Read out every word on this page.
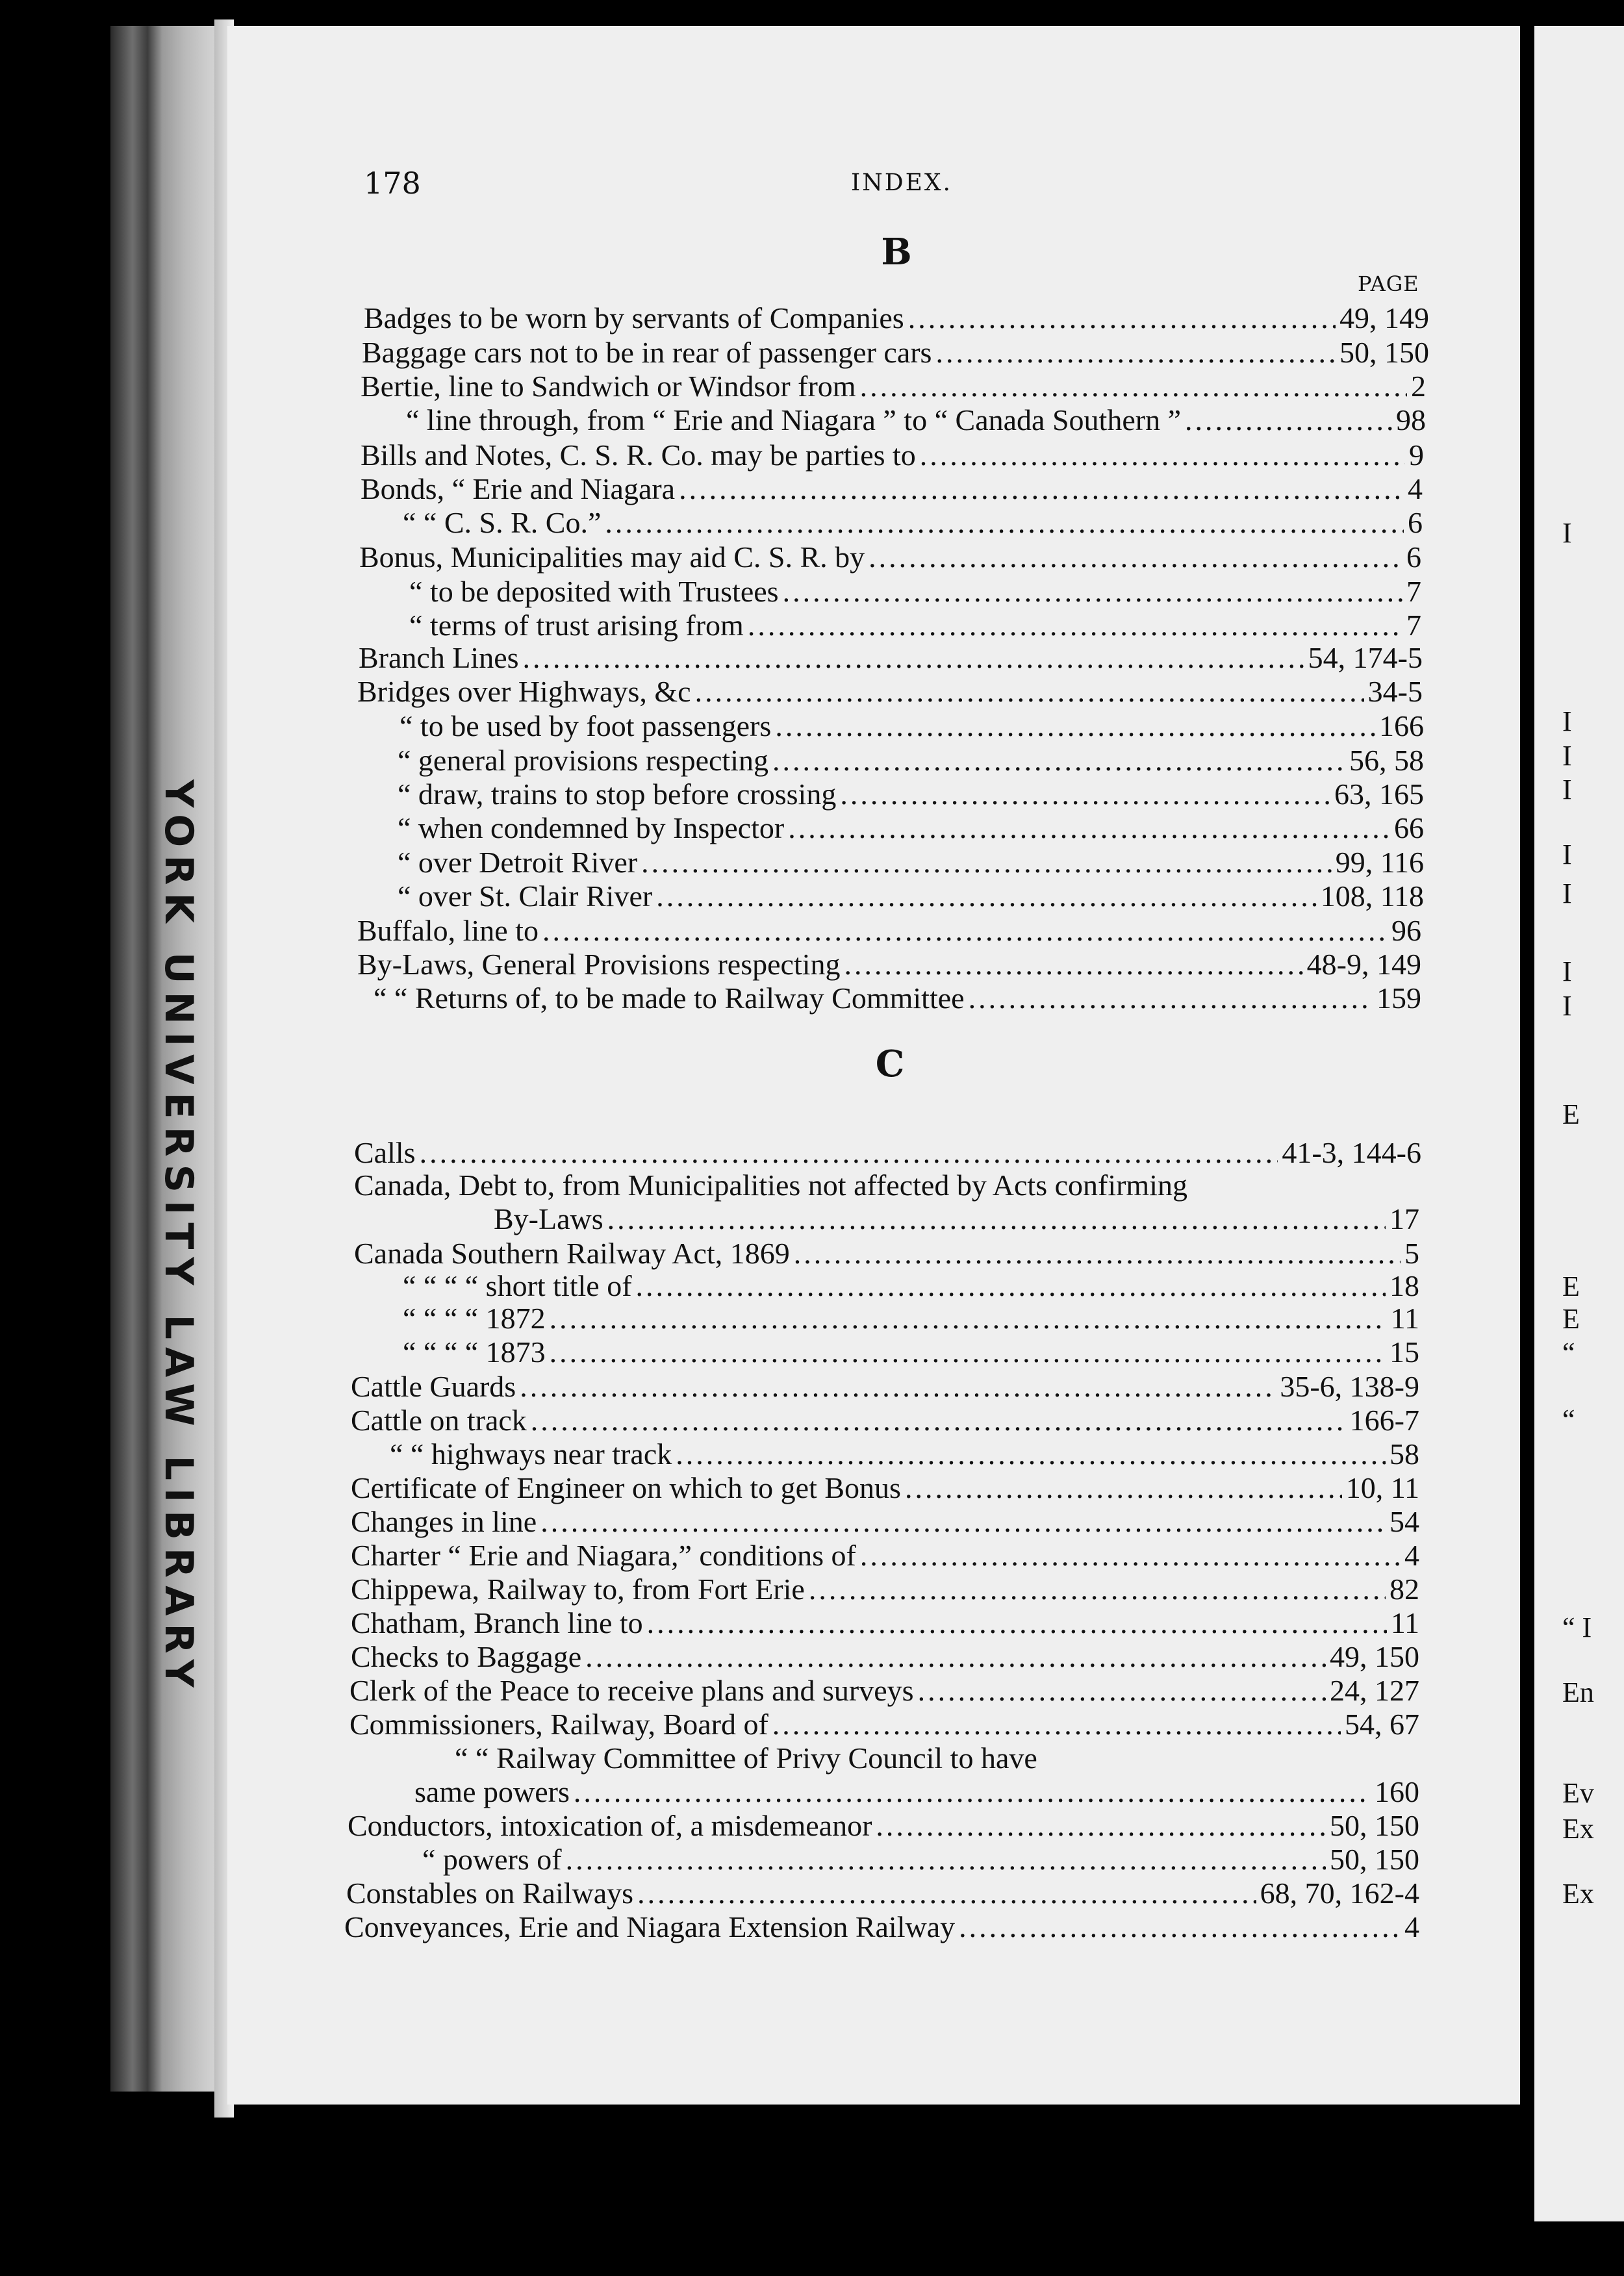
YORK UNIVERSITY LAW LIBRARY
178	INDEX.
B
PAGE
C
Badges to be worn by servants of Companies .....	49, 149
Baggage cars not to be in rear of passenger cars .....	50, 150
Bertie, line to Sandwich or Windsor from .....	2
“ line through, from “ Erie and Niagara ” to “ Canada Southern ” .....	98
Bills and Notes, C. S. R. Co. may be parties to .....	9
Bonds, “ Erie and Niagara .....	4
“ “ C. S. R. Co.” .....	6
Bonus, Municipalities may aid C. S. R. by .....	6
“ to be deposited with Trustees .....	7
“ terms of trust arising from .....	7
Branch Lines .....	54, 174-5
Bridges over Highways, &c .....	34-5
“ to be used by foot passengers .....	166
“ general provisions respecting .....	56, 58
“ draw, trains to stop before crossing .....	63, 165
“ when condemned by Inspector .....	66
“ over Detroit River .....	99, 116
“ over St. Clair River .....	108, 118
Buffalo, line to .....	96
By-Laws, General Provisions respecting .....	48-9, 149
“ “ Returns of, to be made to Railway Committee .....	159
Calls .....	41-3, 144-6
Canada, Debt to, from Municipalities not affected by Acts confirming
By-Laws .....	17
Canada Southern Railway Act, 1869 .....	5
“ “ “ “ short title of .....	18
“ “ “ “ 1872 .....	11
“ “ “ “ 1873 .....	15
Cattle Guards .....	35-6, 138-9
Cattle on track .....	166-7
“ “ highways near track .....	58
Certificate of Engineer on which to get Bonus .....	10, 11
Changes in line .....	54
Charter “ Erie and Niagara,” conditions of .....	4
Chippewa, Railway to, from Fort Erie .....	82
Chatham, Branch line to .....	11
Checks to Baggage .....	49, 150
Clerk of the Peace to receive plans and surveys .....	24, 127
Commissioners, Railway, Board of .....	54, 67
“ “ Railway Committee of Privy Council to have
same powers .....	160
Conductors, intoxication of, a misdemeanor .....	50, 150
“ powers of .....	50, 150
Constables on Railways .....	68, 70, 162-4
Conveyances, Erie and Niagara Extension Railway .....	4
I
I
I
I
I
I
I
I
E
E
E
“
“
“ I
En
Ev
Ex
Ex
